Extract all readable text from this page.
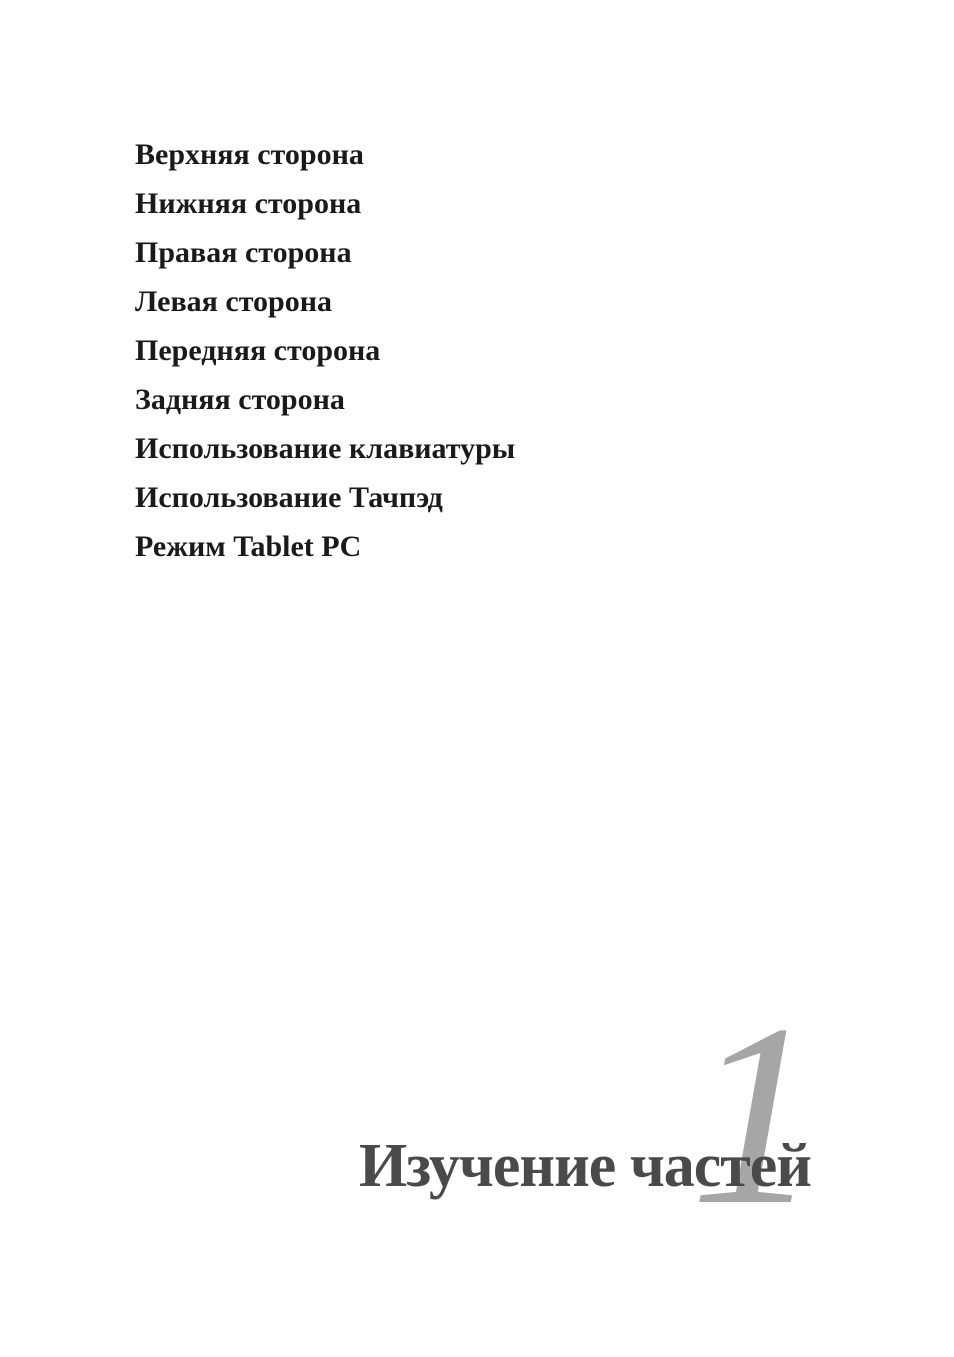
Верхняя сторона
Нижняя сторона
Правая сторона
Левая сторона
Передняя сторона
Задняя сторона
Использование клавиатуры
Использование Тачпэд
Режим Tablet PC
1
Изучение частей
